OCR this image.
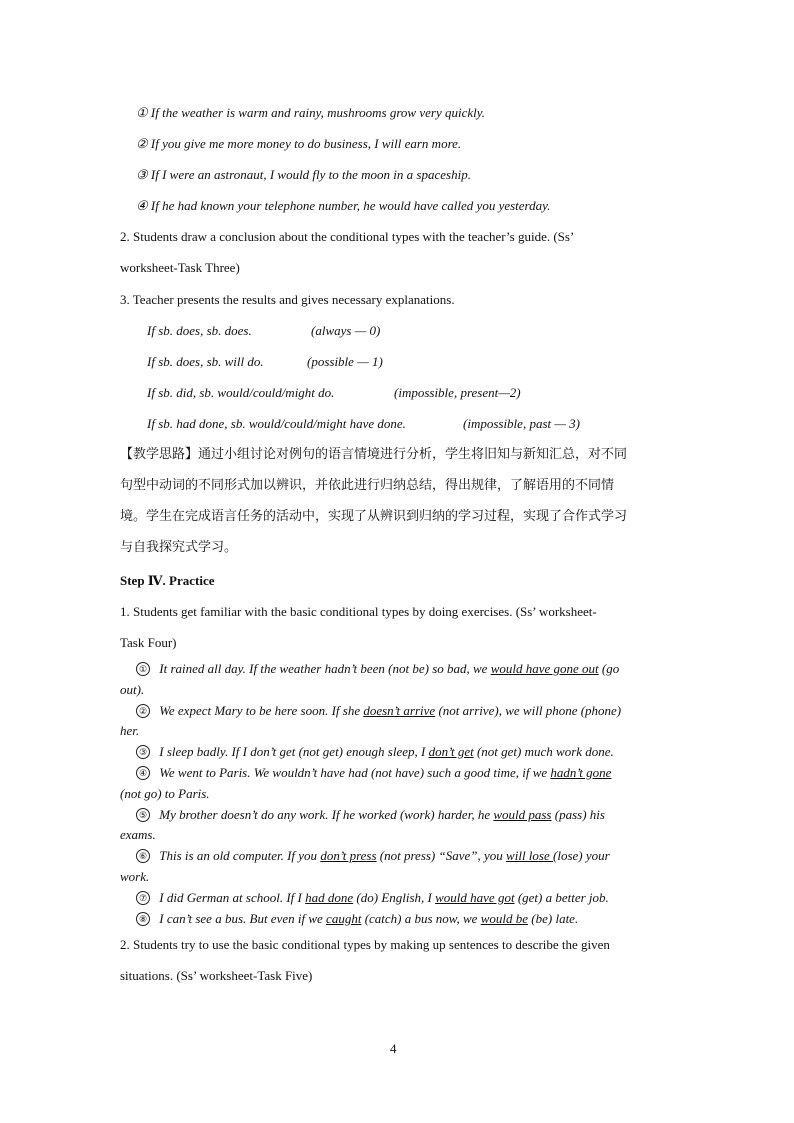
① If the weather is warm and rainy, mushrooms grow very quickly.
② If you give me more money to do business, I will earn more.
③ If I were an astronaut, I would fly to the moon in a spaceship.
④ If he had known your telephone number, he would have called you yesterday.
2. Students draw a conclusion about the conditional types with the teacher’s guide. (Ss’
worksheet-Task Three)
3. Teacher presents the results and gives necessary explanations.
If sb. does, sb. does.	(always — 0)
If sb. does, sb. will do.	(possible — 1)
If sb. did, sb. would/could/might do.	(impossible, present—2)
If sb. had done, sb. would/could/might have done.	(impossible, past — 3)
【教学思路】通过小组讨论对例句的语言情境进行分析，学生将旧知与新知汇总，对不同
句型中动词的不同形式加以辨识，并依此进行归纳总结，得出规律，了解语用的不同情
境。学生在完成语言任务的活动中，实现了从辨识到归纳的学习过程，实现了合作式学习
与自我探究式学习。
Step Ⅳ. Practice
1. Students get familiar with the basic conditional types by doing exercises. (Ss’ worksheet-
Task Four)
① It rained all day. If the weather hadn’t been (not be) so bad, we would have gone out (go
out).
② We expect Mary to be here soon. If she doesn’t arrive (not arrive), we will phone (phone)
her.
③ I sleep badly. If I don’t get (not get) enough sleep, I don’t get (not get) much work done.
④ We went to Paris. We wouldn’t have had (not have) such a good time, if we hadn’t gone
(not go) to Paris.
⑤ My brother doesn’t do any work. If he worked (work) harder, he would pass (pass) his
exams.
⑥ This is an old computer. If you don’t press (not press) “Save”, you will lose (lose) your
work.
⑦ I did German at school. If I had done (do) English, I would have got (get) a better job.
⑧ I can’t see a bus. But even if we caught (catch) a bus now, we would be (be) late.
2. Students try to use the basic conditional types by making up sentences to describe the given
situations. (Ss’ worksheet-Task Five)
4
